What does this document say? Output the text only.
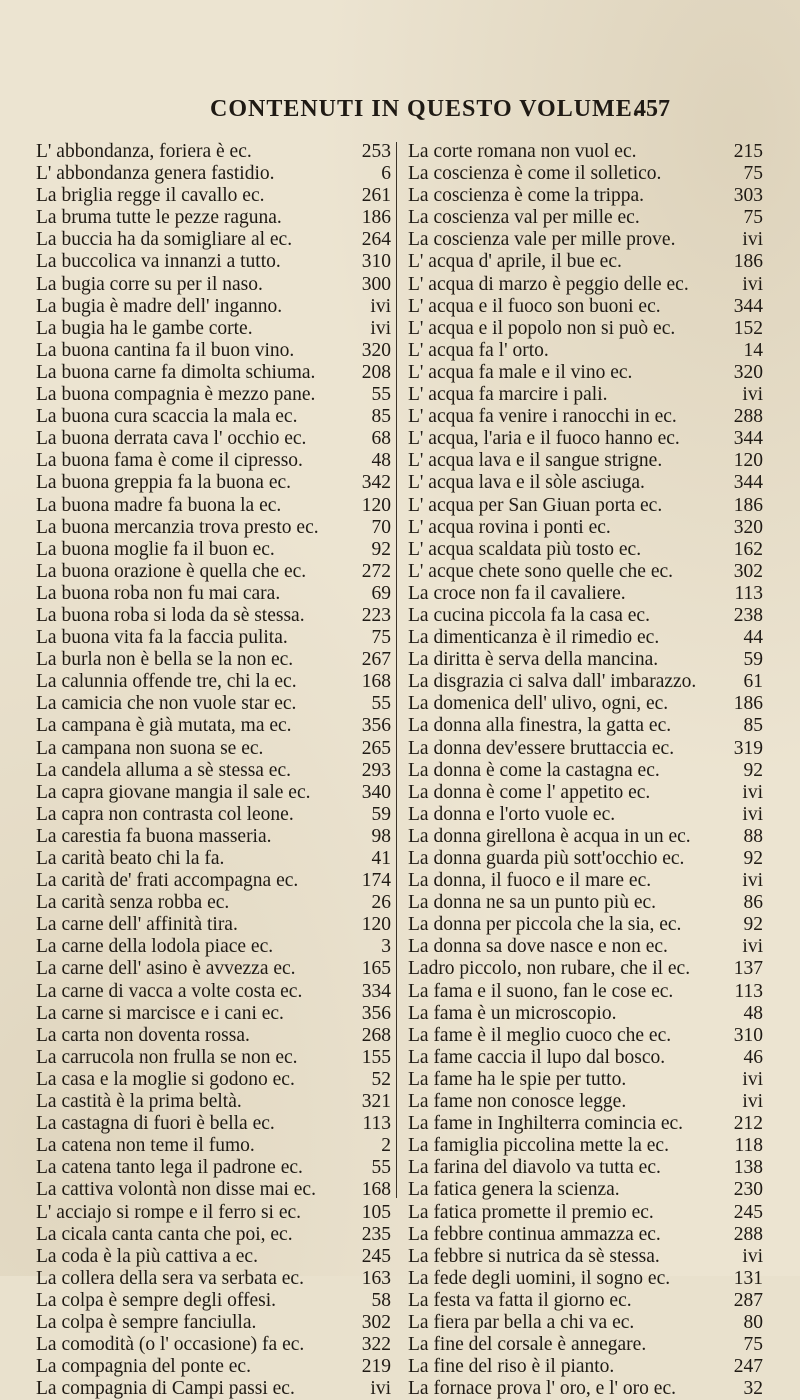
CONTENUTI IN QUESTO VOLUME.
457
L' abbondanza, foriera è ec.	253
L' abbondanza genera fastidio.	6
La briglia regge il cavallo ec.	261
La bruma tutte le pezze raguna.	186
La buccia ha da somigliare al ec.	264
La buccolica va innanzi a tutto.	310
La bugia corre su per il naso.	300
La bugia è madre dell' inganno.	ivi
La bugia ha le gambe corte.	ivi
La buona cantina fa il buon vino.	320
La buona carne fa dimolta schiuma. 208
La buona compagnia è mezzo pane.	55
La buona cura scaccia la mala ec.	85
La buona derrata cava l' occhio ec.	68
La buona fama è come il cipresso.	48
La buona greppia fa la buona ec.	342
La buona madre fa buona la ec.	120
La buona mercanzia trova presto ec.	70
La buona moglie fa il buon ec.	92
La buona orazione è quella che ec.	272
La buona roba non fu mai cara.	69
La buona roba si loda da sè stessa.	223
La buona vita fa la faccia pulita.	75
La burla non è bella se la non ec.	267
La calunnia offende tre, chi la ec.	168
La camicia che non vuole star ec.	55
La campana è già mutata, ma ec.	356
La campana non suona se ec.	265
La candela alluma a sè stessa ec.	293
La capra giovane mangia il sale ec.	340
La capra non contrasta col leone.	59
La carestia fa buona masseria.	98
La carità beato chi la fa.	41
La carità de' frati accompagna ec.	174
La carità senza robba ec.	26
La carne dell' affinità tira.	120
La carne della lodola piace ec.	3
La carne dell' asino è avvezza ec.	165
La carne di vacca a volte costa ec.	334
La carne si marcisce e i cani ec.	356
La carta non doventa rossa.	268
La carrucola non frulla se non ec.	155
La casa e la moglie si godono ec.	52
La castità è la prima beltà.	321
La castagna di fuori è bella ec.	113
La catena non teme il fumo.	2
La catena tanto lega il padrone ec.	55
La cattiva volontà non disse mai ec. 168
L' acciajo si rompe e il ferro si ec.	105
La cicala canta canta che poi, ec.	235
La coda è la più cattiva a ec.	245
La collera della sera va serbata ec.	163
La colpa è sempre degli offesi.	58
La colpa è sempre fanciulla.	302
La comodità (o l' occasione) fa ec.	322
La compagnia del ponte ec.	219
La compagnia di Campi passi ec.	ivi
La corte romana non vuol ec.	215
La coscienza è come il solletico.	75
La coscienza è come la trippa.	303
La coscienza val per mille ec.	75
La coscienza vale per mille prove.	ivi
L' acqua d' aprile, il bue ec.	186
L' acqua di marzo è peggio delle ec.	ivi
L' acqua e il fuoco son buoni ec.	344
L' acqua e il popolo non si può ec.	152
L' acqua fa l' orto.	14
L' acqua fa male e il vino ec.	320
L' acqua fa marcire i pali.	ivi
L' acqua fa venire i ranocchi in ec.	288
L' acqua, l'aria e il fuoco hanno ec.	344
L' acqua lava e il sangue strigne.	120
L' acqua lava e il sòle asciuga.	344
L' acqua per San Giuan porta ec.	186
L' acqua rovina i ponti ec.	320
L' acqua scaldata più tosto ec.	162
L' acque chete sono quelle che ec.	302
La croce non fa il cavaliere.	113
La cucina piccola fa la casa ec.	238
La dimenticanza è il rimedio ec.	44
La diritta è serva della mancina.	59
La disgrazia ci salva dall' imbarazzo. 61
La domenica dell' ulivo, ogni, ec.	186
La donna alla finestra, la gatta ec.	85
La donna dev'essere bruttaccia ec.	319
La donna è come la castagna ec.	92
La donna è come l' appetito ec.	ivi
La donna e l'orto vuole ec.	ivi
La donna girellona è acqua in un ec.	88
La donna guarda più sott'occhio ec.	92
La donna, il fuoco e il mare ec.	ivi
La donna ne sa un punto più ec.	86
La donna per piccola che la sia, ec.	92
La donna sa dove nasce e non ec.	ivi
Ladro piccolo, non rubare, che il ec. 137
La fama e il suono, fan le cose ec.	113
La fama è un microscopio.	48
La fame è il meglio cuoco che ec.	310
La fame caccia il lupo dal bosco.	46
La fame ha le spie per tutto.	ivi
La fame non conosce legge.	ivi
La fame in Inghilterra comincia ec.	212
La famiglia piccolina mette la ec.	118
La farina del diavolo va tutta ec.	138
La fatica genera la scienza.	230
La fatica promette il premio ec.	245
La febbre continua ammazza ec.	288
La febbre si nutrica da sè stessa.	ivi
La fede degli uomini, il sogno ec.	131
La festa va fatta il giorno ec.	287
La fiera par bella a chi va ec.	80
La fine del corsale è annegare.	75
La fine del riso è il pianto.	247
La fornace prova l' oro, e l' oro ec.	32
